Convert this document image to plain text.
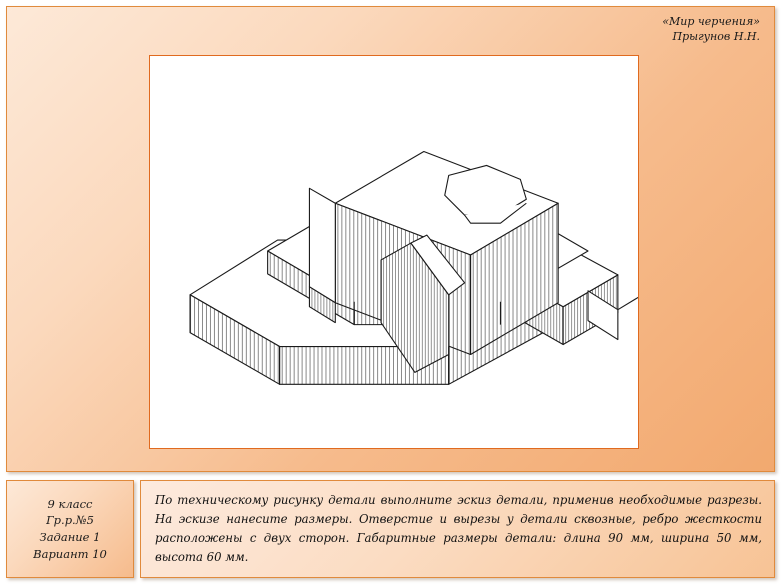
«Мир черчения»
Прыгунов Н.Н.
9 класс
Гр.р.№5
Задание 1
Вариант 10
По техническому рисунку детали выполните эскиз детали, применив необходимые разрезы. На эскизе нанесите размеры. Отверстие и вырезы у детали сквозные, ребро жесткости расположены с двух сторон. Габаритные размеры детали: длина 90 мм, ширина 50 мм, высота 60 мм.
